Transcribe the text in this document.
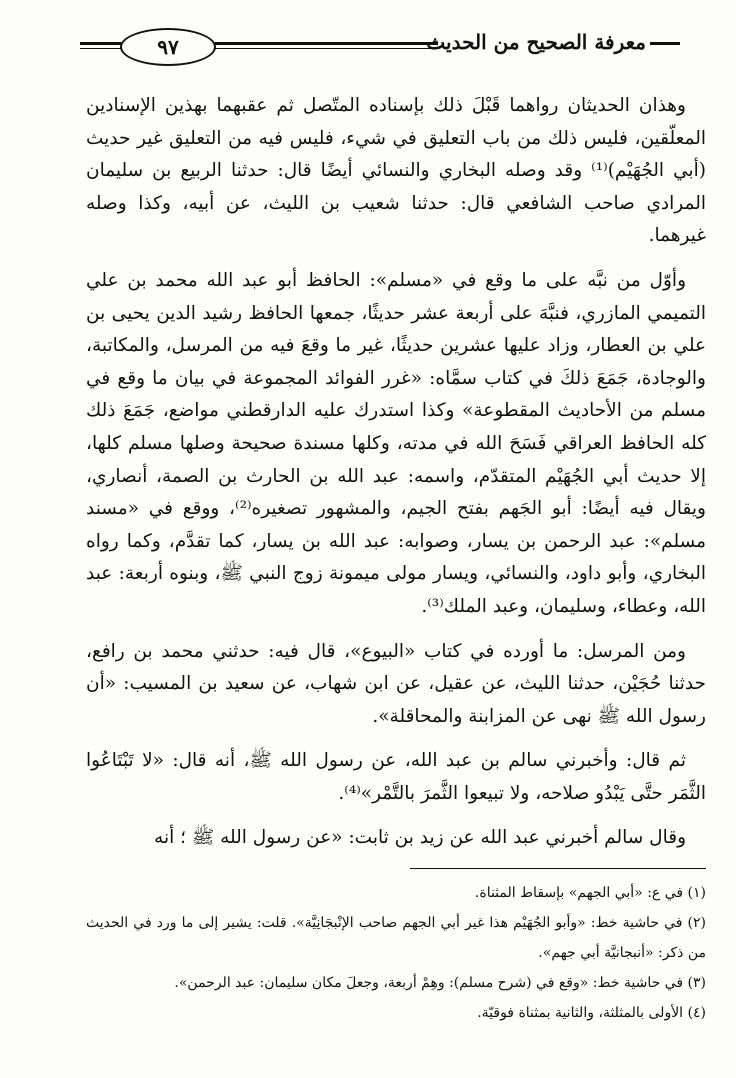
٩٧	معرفة الصحيح من الحديث

وهذان الحديثان رواهما قَبْلَ ذلك بإسناده المتّصل ثم عقبهما بهذين الإسنادين المعلّقين، فليس ذلك من باب التعليق في شيء، فليس فيه من التعليق غير حديث (أبي الجُهَيْم)⁽¹⁾ وقد وصله البخاري والنسائي أيضًا قال: حدثنا الربيع بن سليمان المرادي صاحب الشافعي قال: حدثنا شعيب بن الليث، عن أبيه، وكذا وصله غيرهما.

وأوّل من نبَّه على ما وقع في «مسلم»: الحافظ أبو عبد الله محمد بن علي التميمي المازري، فنبَّهَ على أربعة عشر حديثًا، جمعها الحافظ رشيد الدين يحيى بن علي بن العطار، وزاد عليها عشرين حديثًا، غير ما وقعَ فيه من المرسل، والمكاتبة، والوجادة، جَمَعَ ذلكَ في كتاب سمَّاه: «غرر الفوائد المجموعة في بيان ما وقع في مسلم من الأحاديث المقطوعة» وكذا استدرك عليه الدارقطني مواضع، جَمَعَ ذلك كله الحافظ العراقي فَسَحَ الله في مدته، وكلها مسندة صحيحة وصلها مسلم كلها، إلا حديث أبي الجُهَيْم المتقدّم، واسمه: عبد الله بن الحارث بن الصمة، أنصاري، ويقال فيه أيضًا: أبو الجَهم بفتح الجيم، والمشهور تصغيره⁽²⁾، ووقع في «مسند مسلم»: عبد الرحمن بن يسار، وصوابه: عبد الله بن يسار، كما تقدَّم، وكما رواه البخاري، وأبو داود، والنسائي، ويسار مولى ميمونة زوج النبي ﷺ، وبنوه أربعة: عبد الله، وعطاء، وسليمان، وعبد الملك⁽³⁾.

ومن المرسل: ما أورده في كتاب «البيوع»، قال فيه: حدثني محمد بن رافع، حدثنا حُجَيْن، حدثنا الليث، عن عقيل، عن ابن شهاب، عن سعيد بن المسيب: «أن رسول الله ﷺ نهى عن المزابنة والمحاقلة».

ثم قال: وأخبرني سالم بن عبد الله، عن رسول الله ﷺ، أنه قال: «لا تَبْتَاعُوا الثَّمَر حتَّى يَبْدُو صلاحه، ولا تبيعوا الثَّمرَ بالتَّمْر»⁽⁴⁾.

وقال سالم أخبرني عبد الله عن زيد بن ثابت: «عن رسول الله ﷺ ؛ أنه

(١) في ع: «أبي الجهم» بإسقاط المثناة.

(٢) في حاشية خط: «وأبو الجُهَيْم هذا غير أبي الجهم صاحب الإنْبجَانِيَّة». قلت: يشير إلى ما ورد في الحديث من ذكر: «أنبجانيَّة أبي جهم».

(٣) في حاشية خط: «وقع في (شرح مسلم): وهِمْ أربعة، وجعلَ مكان سليمان: عبد الرحمن».

(٤) الأولى بالمثلثة، والثانية بمثناة فوقيّة.
